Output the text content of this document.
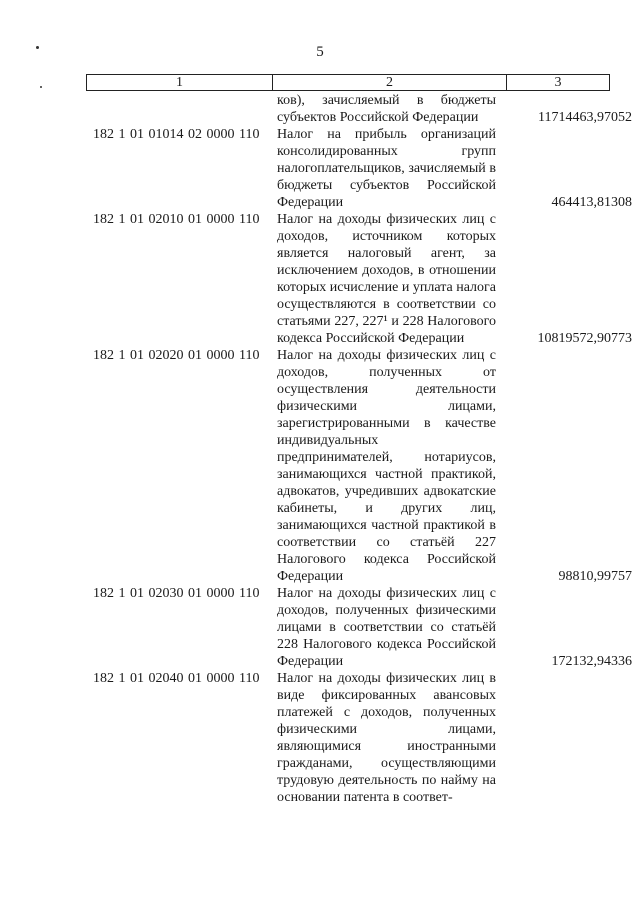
5
1	2	3
ков), зачисляемый в бюджеты субъектов Российской Федерации	11714463,97052
182 1 01 01014 02 0000 110	Налог на прибыль организаций консолидированных групп налогоплательщиков, зачисляемый в бюджеты субъектов Российской Федерации	464413,81308
182 1 01 02010 01 0000 110	Налог на доходы физических лиц с доходов, источником которых является налоговый агент, за исключением доходов, в отношении которых исчисление и уплата налога осуществляются в соответствии со статьями 227, 227¹ и 228 Налогового кодекса Российской Федерации	10819572,90773
182 1 01 02020 01 0000 110	Налог на доходы физических лиц с доходов, полученных от осуществления деятельности физическими лицами, зарегистрированными в качестве индивидуальных предпринимателей, нотариусов, занимающихся частной практикой, адвокатов, учредивших адвокатские кабинеты, и других лиц, занимающихся частной практикой в соответствии со статьёй 227 Налогового кодекса Российской Федерации	98810,99757
182 1 01 02030 01 0000 110	Налог на доходы физических лиц с доходов, полученных физическими лицами в соответствии со статьёй 228 Налогового кодекса Российской Федерации	172132,94336
182 1 01 02040 01 0000 110	Налог на доходы физических лиц в виде фиксированных авансовых платежей с доходов, полученных физическими лицами, являющимися иностранными гражданами, осуществляющими трудовую деятельность по найму на основании патента в соответ-
